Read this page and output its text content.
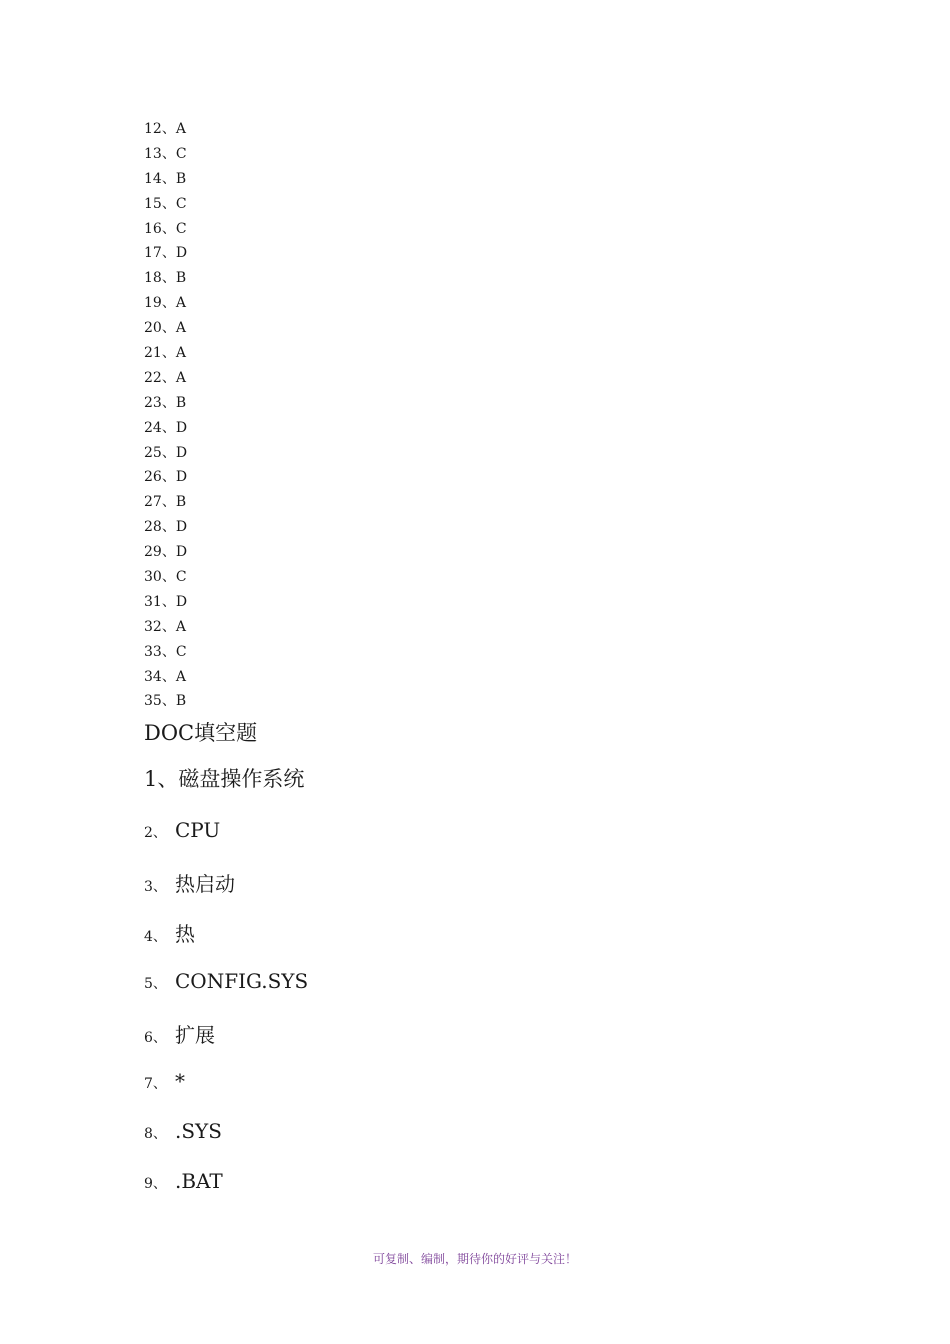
12、A
13、C
14、B
15、C
16、C
17、D
18、B
19、A
20、A
21、A
22、A
23、B
24、D
25、D
26、D
27、B
28、D
29、D
30、C
31、D
32、A
33、C
34、A
35、B
DOC填空题
1、磁盘操作系统
2、 CPU
3、 热启动
4、 热
5、 CONFIG.SYS
6、 扩展
7、 *
8、 .SYS
9、 .BAT
可复制、编制，期待你的好评与关注！
